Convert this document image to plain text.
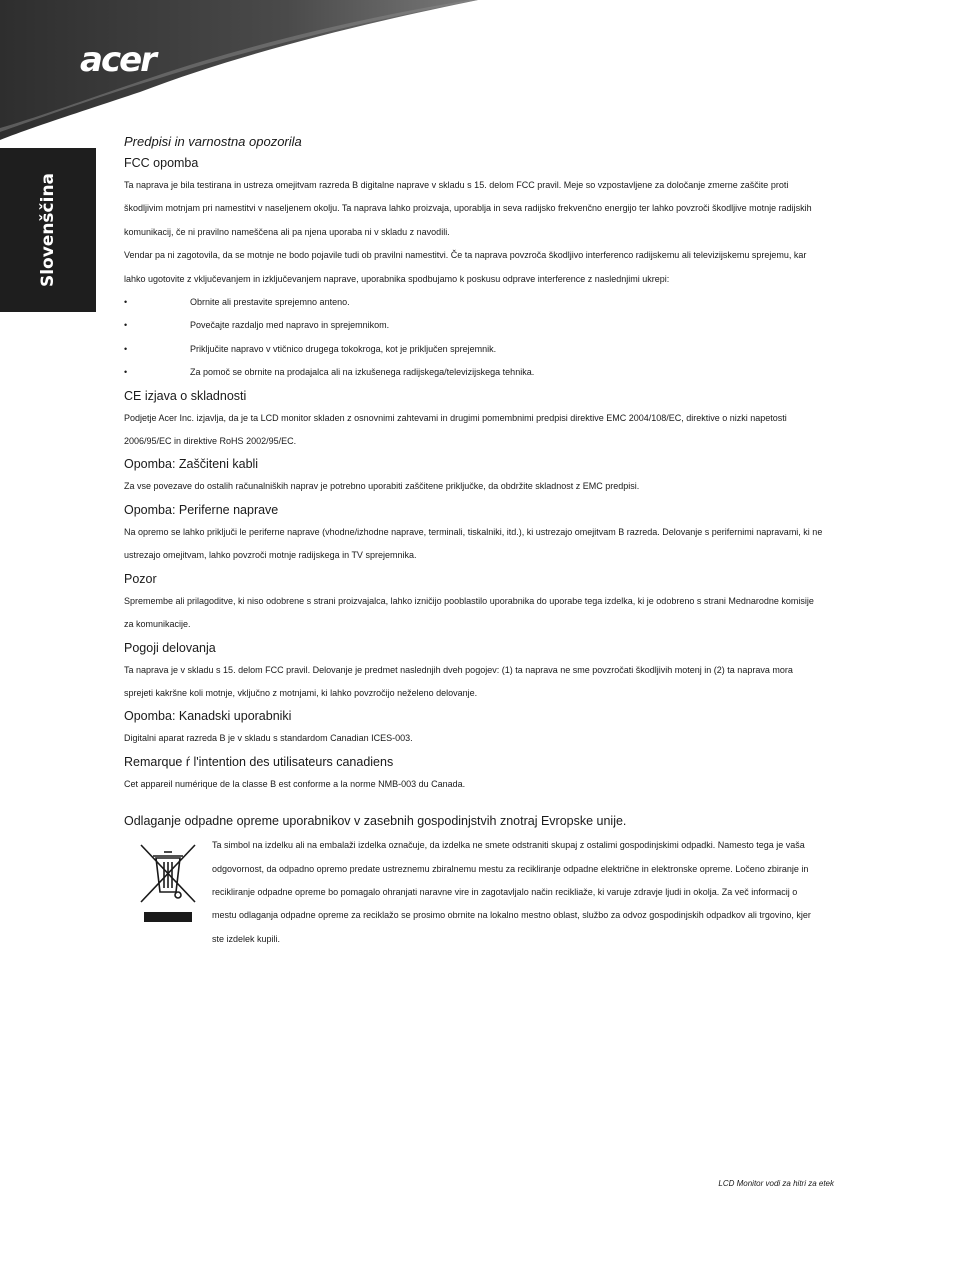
acer
Slovenščina

Predpisi in varnostna opozorila

FCC opomba

Ta naprava je bila testirana in ustreza omejitvam razreda B digitalne naprave v skladu s 15. delom FCC pravil. Meje so vzpostavljene za določanje zmerne zaščite proti škodljivim motnjam pri namestitvi v naseljenem okolju. Ta naprava lahko proizvaja, uporablja in seva radijsko frekvenčno energijo ter lahko povzroči škodljive motnje radijskih komunikacij, če ni pravilno nameščena ali pa njena uporaba ni v skladu z navodili.

Vendar pa ni zagotovila, da se motnje ne bodo pojavile tudi ob pravilni namestitvi. Če ta naprava povzroča škodljivo interferenco radijskemu ali televizijskemu sprejemu, kar lahko ugotovite z vključevanjem in izključevanjem naprave, uporabnika spodbujamo k poskusu odprave interference z naslednjimi ukrepi:

•	Obrnite ali prestavite sprejemno anteno.
•	Povečajte razdaljo med napravo in sprejemnikom.
•	Priključite napravo v vtičnico drugega tokokroga, kot je priključen sprejemnik.
•	Za pomoč se obrnite na prodajalca ali na izkušenega radijskega/televizijskega tehnika.

CE izjava o skladnosti

Podjetje Acer Inc. izjavlja, da je ta LCD monitor skladen z osnovnimi zahtevami in drugimi pomembnimi predpisi direktive EMC 2004/108/EC, direktive o nizki napetosti 2006/95/EC in direktive RoHS 2002/95/EC.

Opomba: Zaščiteni kabli

Za vse povezave do ostalih računalniških naprav je potrebno uporabiti zaščitene priključke, da obdržite skladnost z EMC predpisi.

Opomba: Periferne naprave

Na opremo se lahko priključi le periferne naprave (vhodne/izhodne naprave, terminali, tiskalniki, itd.), ki ustrezajo omejitvam B razreda. Delovanje s perifernimi napravami, ki ne ustrezajo omejitvam, lahko povzroči motnje radijskega in TV sprejemnika.

Pozor

Spremembe ali prilagoditve, ki niso odobrene s strani proizvajalca, lahko izničijo pooblastilo uporabnika do uporabe tega izdelka, ki je odobreno s strani Mednarodne komisije za komunikacije.

Pogoji delovanja

Ta naprava je v skladu s 15. delom FCC pravil. Delovanje je predmet naslednjih dveh pogojev: (1) ta naprava ne sme povzročati škodljivih motenj in (2) ta naprava mora sprejeti kakršne koli motnje, vključno z motnjami, ki lahko povzročijo neželeno delovanje.

Opomba: Kanadski uporabniki

Digitalni aparat razreda B je v skladu s standardom Canadian ICES-003.

Remarque ŕ l'intention des utilisateurs canadiens

Cet appareil numérique de la classe B est conforme a la norme NMB-003 du Canada.

Odlaganje odpadne opreme uporabnikov v zasebnih gospodinjstvih znotraj Evropske unije.

Ta simbol na izdelku ali na embalaži izdelka označuje, da izdelka ne smete odstraniti skupaj z ostalimi gospodinjskimi odpadki. Namesto tega je vaša odgovornost, da odpadno opremo predate ustreznemu zbiralnemu mestu za recikliranje odpadne električne in elektronske opreme. Ločeno zbiranje in recikliranje odpadne opreme bo pomagalo ohranjati naravne vire in zagotavljalo način recikliaže, ki varuje zdravje ljudi in okolja. Za več informacij o mestu odlaganja odpadne opreme za reciklažo se prosimo obrnite na lokalno mestno oblast, službo za odvoz gospodinjskih odpadkov ali trgovino, kjer ste izdelek kupili.
LCD Monitor vodi za hitri za etek
